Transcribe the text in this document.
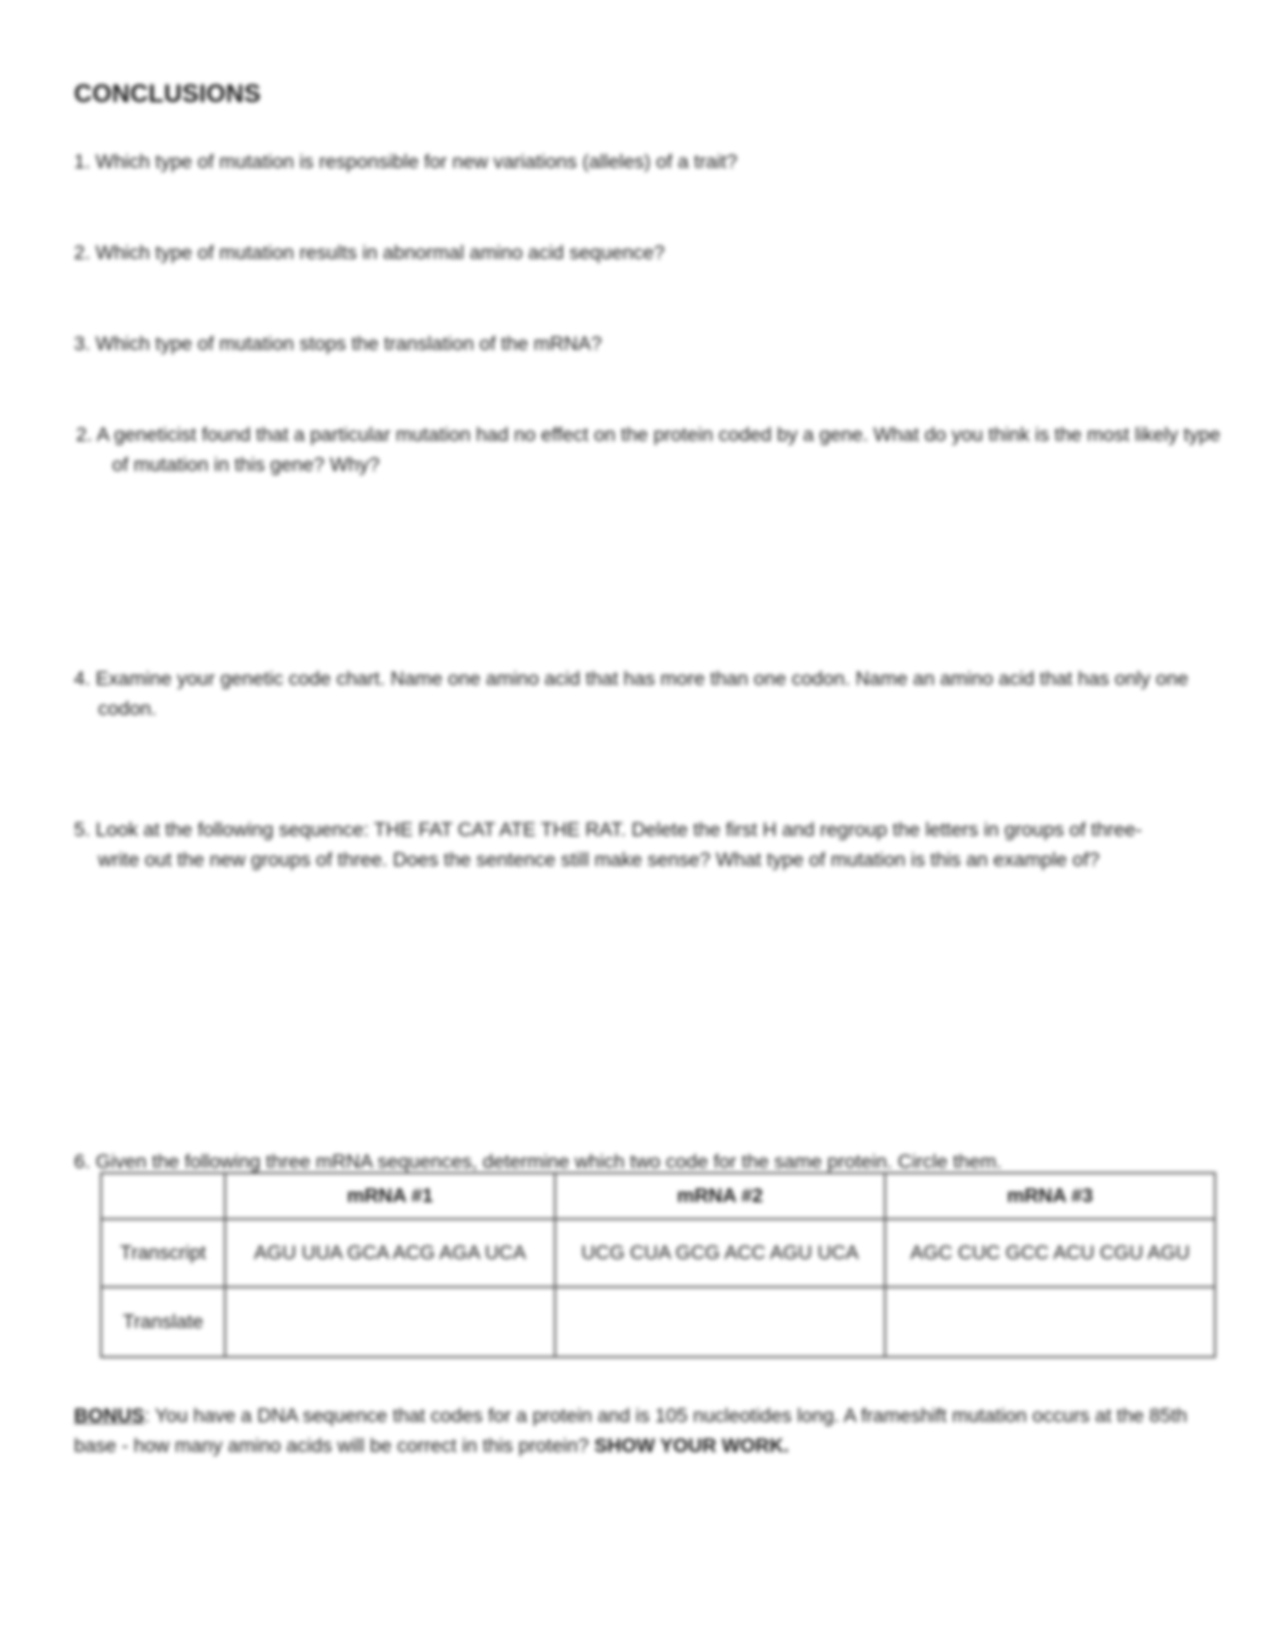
CONCLUSIONS

1. Which type of mutation is responsible for new variations (alleles) of a trait?

2. Which type of mutation results in abnormal amino acid sequence?

3. Which type of mutation stops the translation of the mRNA?

2. A geneticist found that a particular mutation had no effect on the protein coded by a gene. What do you think is the most likely type of mutation in this gene? Why?

4. Examine your genetic code chart. Name one amino acid that has more than one codon. Name an amino acid that has only one codon.

5. Look at the following sequence: THE FAT CAT ATE THE RAT. Delete the first H and regroup the letters in groups of three- write out the new groups of three. Does the sentence still make sense? What type of mutation is this an example of?

6. Given the following three mRNA sequences, determine which two code for the same protein. Circle them.

	mRNA #1	mRNA #2	mRNA #3
Transcript	AGU UUA GCA ACG AGA UCA	UCG CUA GCG ACC AGU UCA	AGC CUC GCC ACU CGU AGU
Translate			

BONUS: You have a DNA sequence that codes for a protein and is 105 nucleotides long. A frameshift mutation occurs at the 85th base - how many amino acids will be correct in this protein? SHOW YOUR WORK.
